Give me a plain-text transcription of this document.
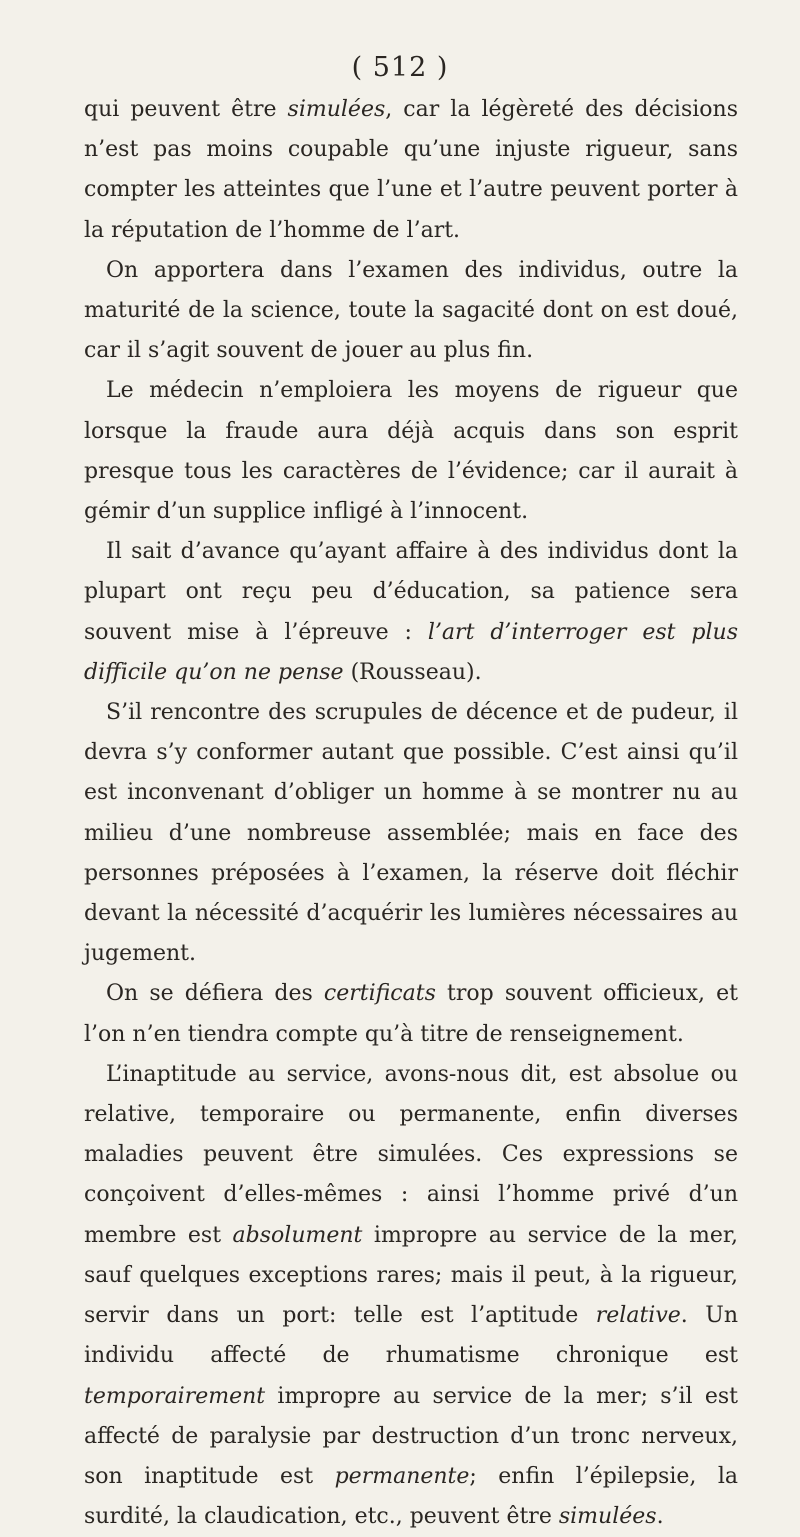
( 512 )

qui peuvent être simulées, car la légèreté des décisions n’est pas moins coupable qu’une injuste rigueur, sans compter les atteintes que l’une et l’autre peuvent porter à la réputation de l’homme de l’art.

On apportera dans l’examen des individus, outre la maturité de la science, toute la sagacité dont on est doué, car il s’agit souvent de jouer au plus fin.

Le médecin n’emploiera les moyens de rigueur que lorsque la fraude aura déjà acquis dans son esprit presque tous les caractères de l’évidence; car il aurait à gémir d’un supplice infligé à l’innocent.

Il sait d’avance qu’ayant affaire à des individus dont la plupart ont reçu peu d’éducation, sa patience sera souvent mise à l’épreuve : l’art d’interroger est plus difficile qu’on ne pense (Rousseau).

S’il rencontre des scrupules de décence et de pudeur, il devra s’y conformer autant que possible. C’est ainsi qu’il est inconvenant d’obliger un homme à se montrer nu au milieu d’une nombreuse assemblée; mais en face des personnes préposées à l’examen, la réserve doit fléchir devant la nécessité d’acquérir les lumières nécessaires au jugement.

On se défiera des certificats trop souvent officieux, et l’on n’en tiendra compte qu’à titre de renseignement.

L’inaptitude au service, avons-nous dit, est absolue ou relative, temporaire ou permanente, enfin diverses maladies peuvent être simulées. Ces expressions se conçoivent d’elles-mêmes : ainsi l’homme privé d’un membre est absolument impropre au service de la mer, sauf quelques exceptions rares; mais il peut, à la rigueur, servir dans un port: telle est l’aptitude relative. Un individu affecté de rhumatisme chronique est temporairement impropre au service de la mer; s’il est affecté de paralysie par destruction d’un tronc nerveux, son inaptitude est permanente; enfin l’épilepsie, la surdité, la claudication, etc., peuvent être simulées.
